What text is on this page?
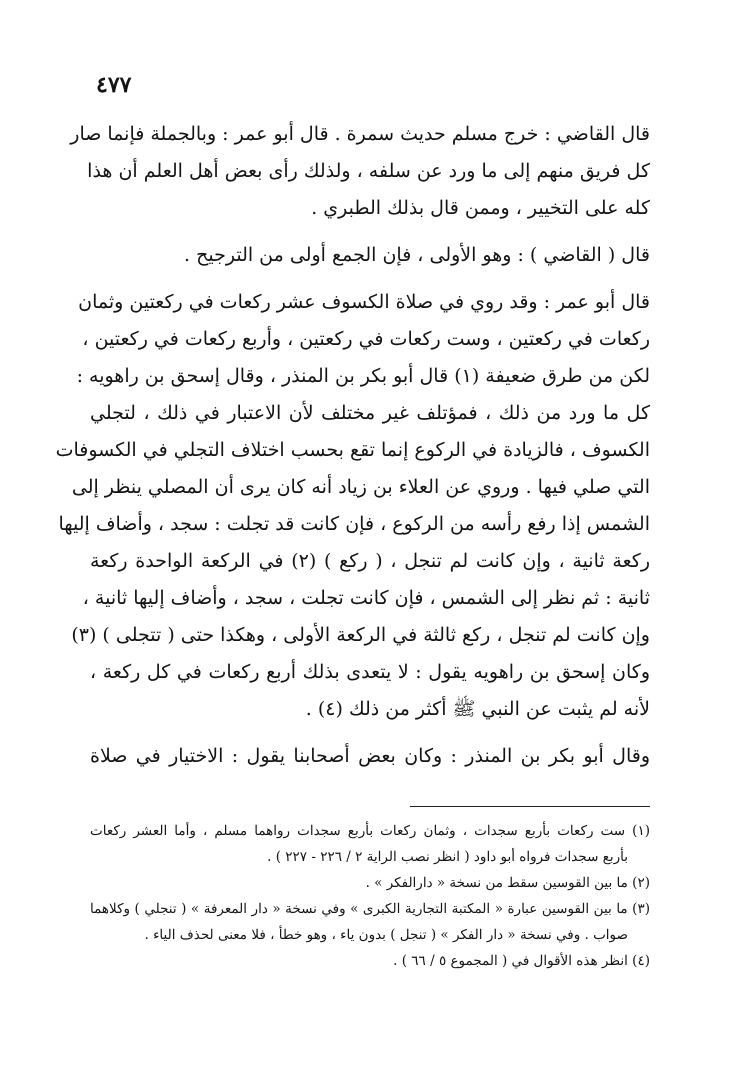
٤٧٧

قال القاضي : خرج مسلم حديث سمرة . قال أبو عمر : وبالجملة فإنما صار
كل فريق منهم إلى ما ورد عن سلفه ، ولذلك رأى بعض أهل العلم أن هذا
كله على التخيير ، وممن قال بذلك الطبري .

قال ( القاضي ) : وهو الأولى ، فإن الجمع أولى من الترجيح .

قال أبو عمر : وقد روي في صلاة الكسوف عشر ركعات في ركعتين وثمان
ركعات في ركعتين ، وست ركعات في ركعتين ، وأربع ركعات في ركعتين ،
لكن من طرق ضعيفة (١) قال أبو بكر بن المنذر ، وقال إسحق بن راهويه :
كل ما ورد من ذلك ، فمؤتلف غير مختلف لأن الاعتبار في ذلك ، لتجلي
الكسوف ، فالزيادة في الركوع إنما تقع بحسب اختلاف التجلي في الكسوفات
التي صلي فيها . وروي عن العلاء بن زياد أنه كان يرى أن المصلي ينظر إلى
الشمس إذا رفع رأسه من الركوع ، فإن كانت قد تجلت : سجد ، وأضاف إليها
ركعة ثانية ، وإن كانت لم تنجل ، ( ركع ) (٢) في الركعة الواحدة ركعة
ثانية : ثم نظر إلى الشمس ، فإن كانت تجلت ، سجد ، وأضاف إليها ثانية ،
وإن كانت لم تنجل ، ركع ثالثة في الركعة الأولى ، وهكذا حتى ( تتجلى ) (٣)
وكان إسحق بن راهويه يقول : لا يتعدى بذلك أربع ركعات في كل ركعة ،
لأنه لم يثبت عن النبي ﷺ أكثر من ذلك (٤) .

وقال أبو بكر بن المنذر : وكان بعض أصحابنا يقول : الاختيار في صلاة

(١) ست ركعات بأربع سجدات ، وثمان ركعات بأربع سجدات رواهما مسلم ، وأما العشر ركعات
بأربع سجدات فرواه أبو داود ( انظر نصب الراية ٢ / ٢٢٦ - ٢٢٧ ) .

(٢) ما بين القوسين سقط من نسخة « دارالفكر » .

(٣) ما بين القوسين عبارة « المكتبة التجارية الكبرى » وفي نسخة « دار المعرفة » ( تنجلي ) وكلاهما
صواب . وفي نسخة « دار الفكر » ( تنجل ) بدون ياء ، وهو خطأ ، فلا معنى لحذف الياء .

(٤) انظر هذه الأقوال في ( المجموع ٥ / ٦٦ ) .
